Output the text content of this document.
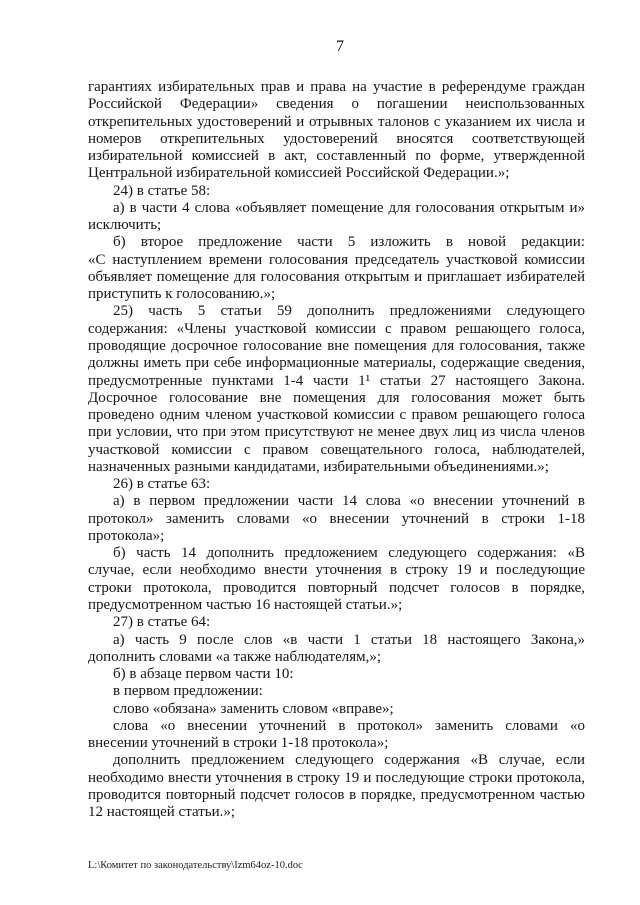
7
гарантиях избирательных прав и права на участие в референдуме граждан
Российской Федерации» сведения о погашении неиспользованных
открепительных удостоверений и отрывных талонов с указанием их числа и
номеров открепительных удостоверений вносятся соответствующей
избирательной комиссией в акт, составленный по форме, утвержденной
Центральной избирательной комиссией Российской Федерации.»;
24) в статье 58:
а) в части 4 слова «объявляет помещение для голосования открытым и»
исключить;
б) второе предложение части 5 изложить в новой редакции:
«С наступлением времени голосования председатель участковой комиссии
объявляет помещение для голосования открытым и приглашает избирателей
приступить к голосованию.»;
25) часть 5 статьи 59 дополнить предложениями следующего
содержания: «Члены участковой комиссии с правом решающего голоса,
проводящие досрочное голосование вне помещения для голосования, также
должны иметь при себе информационные материалы, содержащие сведения,
предусмотренные пунктами 1-4 части 1¹ статьи 27 настоящего Закона.
Досрочное голосование вне помещения для голосования может быть
проведено одним членом участковой комиссии с правом решающего голоса
при условии, что при этом присутствуют не менее двух лиц из числа членов
участковой комиссии с правом совещательного голоса, наблюдателей,
назначенных разными кандидатами, избирательными объединениями.»;
26) в статье 63:
а) в первом предложении части 14 слова «о внесении уточнений в
протокол» заменить словами «о внесении уточнений в строки 1-18
протокола»;
б) часть 14 дополнить предложением следующего содержания: «В
случае, если необходимо внести уточнения в строку 19 и последующие
строки протокола, проводится повторный подсчет голосов в порядке,
предусмотренном частью 16 настоящей статьи.»;
27) в статье 64:
а) часть 9 после слов «в части 1 статьи 18 настоящего Закона,»
дополнить словами «а также наблюдателям,»;
б) в абзаце первом части 10:
в первом предложении:
слово «обязана» заменить словом «вправе»;
слова «о внесении уточнений в протокол» заменить словами «о
внесении уточнений в строки 1-18 протокола»;
дополнить предложением следующего содержания «В случае, если
необходимо внести уточнения в строку 19 и последующие строки протокола,
проводится повторный подсчет голосов в порядке, предусмотренном частью
12 настоящей статьи.»;
L:\Комитет по законодательству\Izm64oz-10.doc
